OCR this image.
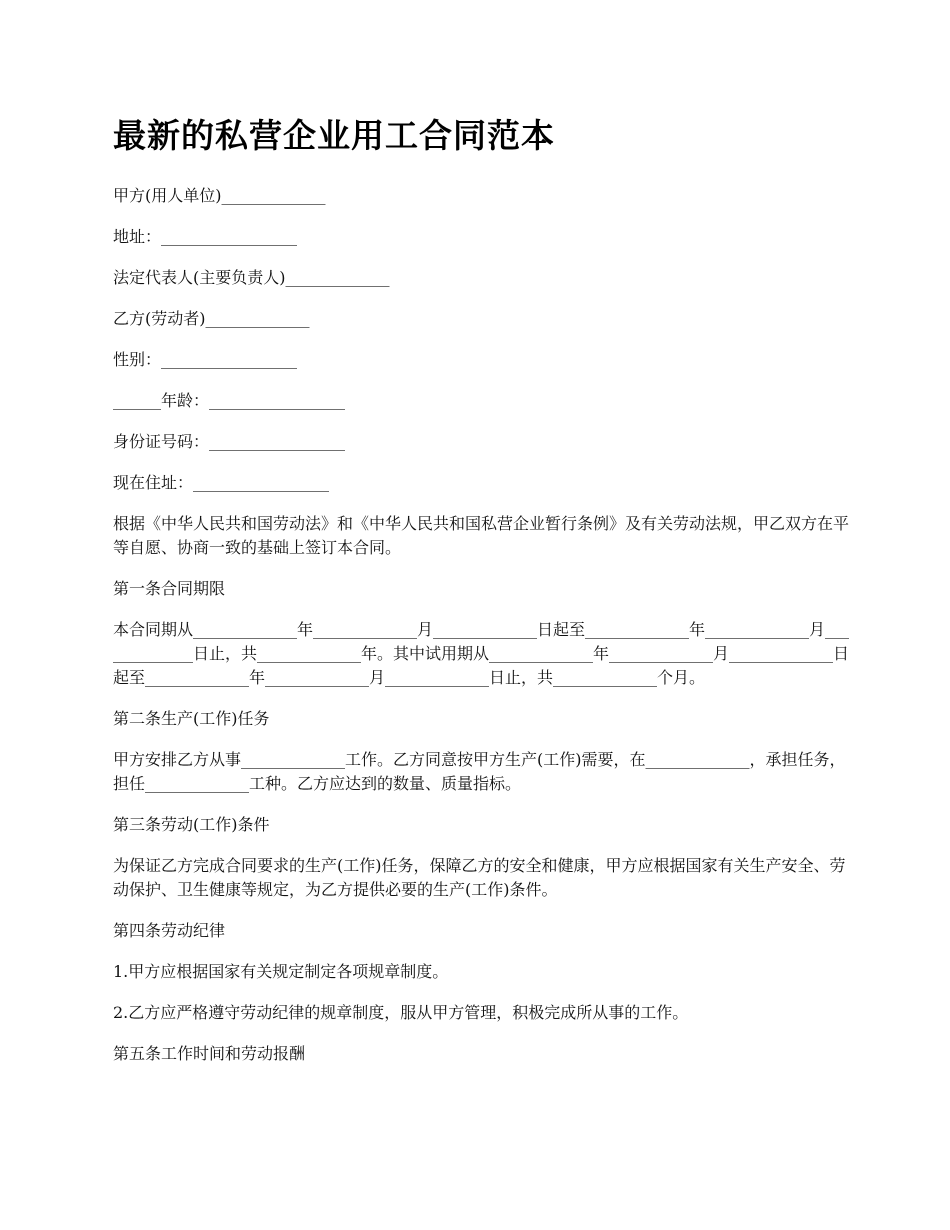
最新的私营企业用工合同范本

甲方(用人单位)_____________

地址：_________________

法定代表人(主要负责人)_____________

乙方(劳动者)_____________

性别：_________________

______年龄：_________________

身份证号码：_________________

现在住址：_________________

根据《中华人民共和国劳动法》和《中华人民共和国私营企业暂行条例》及有关劳动法规，甲乙双方在平等自愿、协商一致的基础上签订本合同。

第一条合同期限

本合同期从_____________年_____________月_____________日起至_____________年_____________月_____________日止，共_____________年。其中试用期从_____________年_____________月_____________日起至_____________年_____________月_____________日止，共_____________个月。

第二条生产(工作)任务

甲方安排乙方从事_____________工作。乙方同意按甲方生产(工作)需要，在_____________，承担任务，担任_____________工种。乙方应达到的数量、质量指标。

第三条劳动(工作)条件

为保证乙方完成合同要求的生产(工作)任务，保障乙方的安全和健康，甲方应根据国家有关生产安全、劳动保护、卫生健康等规定，为乙方提供必要的生产(工作)条件。

第四条劳动纪律

1.甲方应根据国家有关规定制定各项规章制度。

2.乙方应严格遵守劳动纪律的规章制度，服从甲方管理，积极完成所从事的工作。

第五条工作时间和劳动报酬
